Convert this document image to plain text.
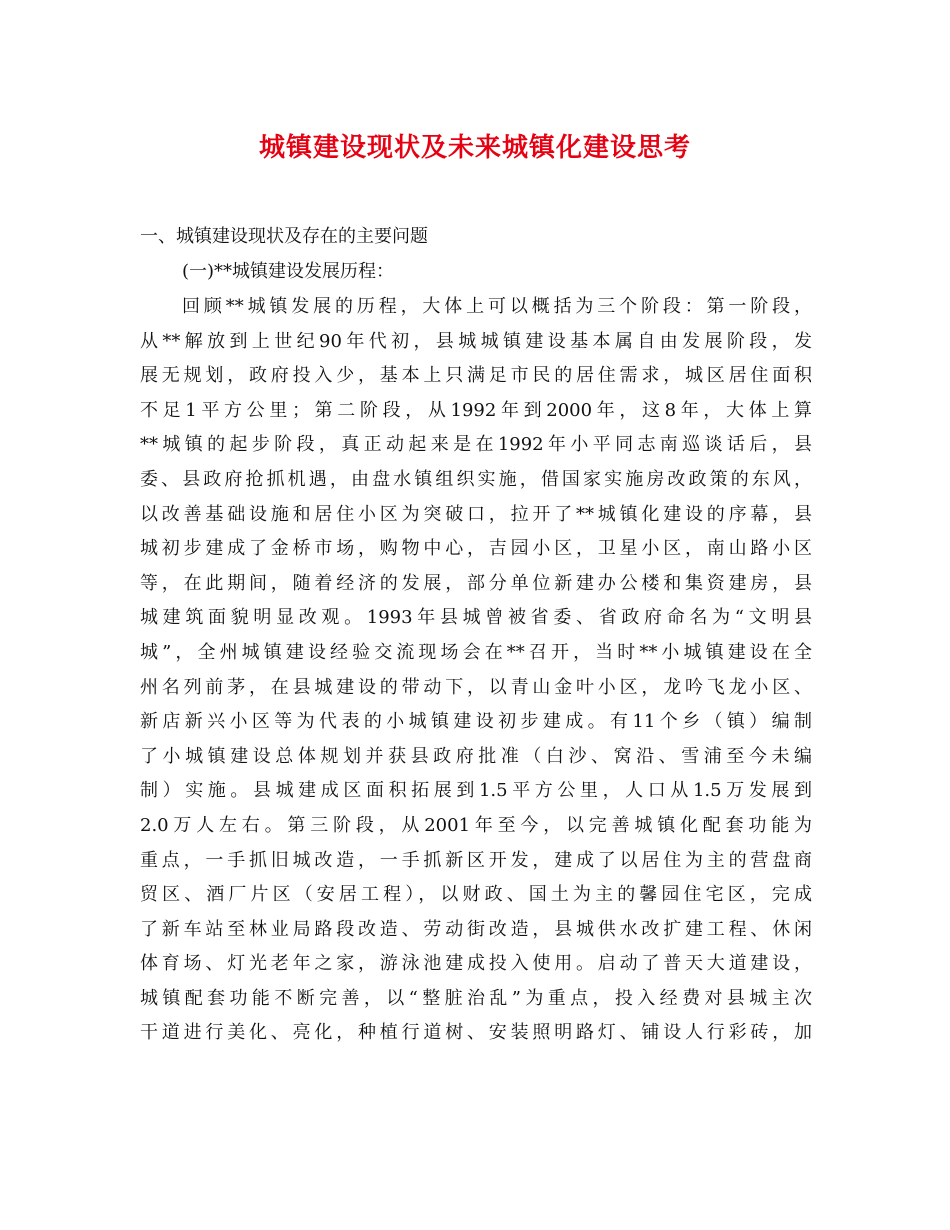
城镇建设现状及未来城镇化建设思考
一、城镇建设现状及存在的主要问题
(一)**城镇建设发展历程：
回顾**城镇发展的历程，大体上可以概括为三个阶段：第一阶段，
从**解放到上世纪90年代初，县城城镇建设基本属自由发展阶段，发
展无规划，政府投入少，基本上只满足市民的居住需求，城区居住面积
不足1平方公里；第二阶段，从1992年到2000年，这8年，大体上算
**城镇的起步阶段，真正动起来是在1992年小平同志南巡谈话后，县
委、县政府抢抓机遇，由盘水镇组织实施，借国家实施房改政策的东风，
以改善基础设施和居住小区为突破口，拉开了**城镇化建设的序幕，县
城初步建成了金桥市场，购物中心，吉园小区，卫星小区，南山路小区
等，在此期间，随着经济的发展，部分单位新建办公楼和集资建房，县
城建筑面貌明显改观。1993年县城曾被省委、省政府命名为“文明县
城”，全州城镇建设经验交流现场会在**召开，当时**小城镇建设在全
州名列前茅，在县城建设的带动下，以青山金叶小区，龙吟飞龙小区、
新店新兴小区等为代表的小城镇建设初步建成。有11个乡（镇）编制
了小城镇建设总体规划并获县政府批准（白沙、窝沿、雪浦至今未编
制）实施。县城建成区面积拓展到1.5平方公里，人口从1.5万发展到
2.0万人左右。第三阶段，从2001年至今，以完善城镇化配套功能为
重点，一手抓旧城改造，一手抓新区开发，建成了以居住为主的营盘商
贸区、酒厂片区（安居工程），以财政、国土为主的馨园住宅区，完成
了新车站至林业局路段改造、劳动街改造，县城供水改扩建工程、休闲
体育场、灯光老年之家，游泳池建成投入使用。启动了普天大道建设，
城镇配套功能不断完善，以“整脏治乱”为重点，投入经费对县城主次
干道进行美化、亮化，种植行道树、安装照明路灯、铺设人行彩砖，加
